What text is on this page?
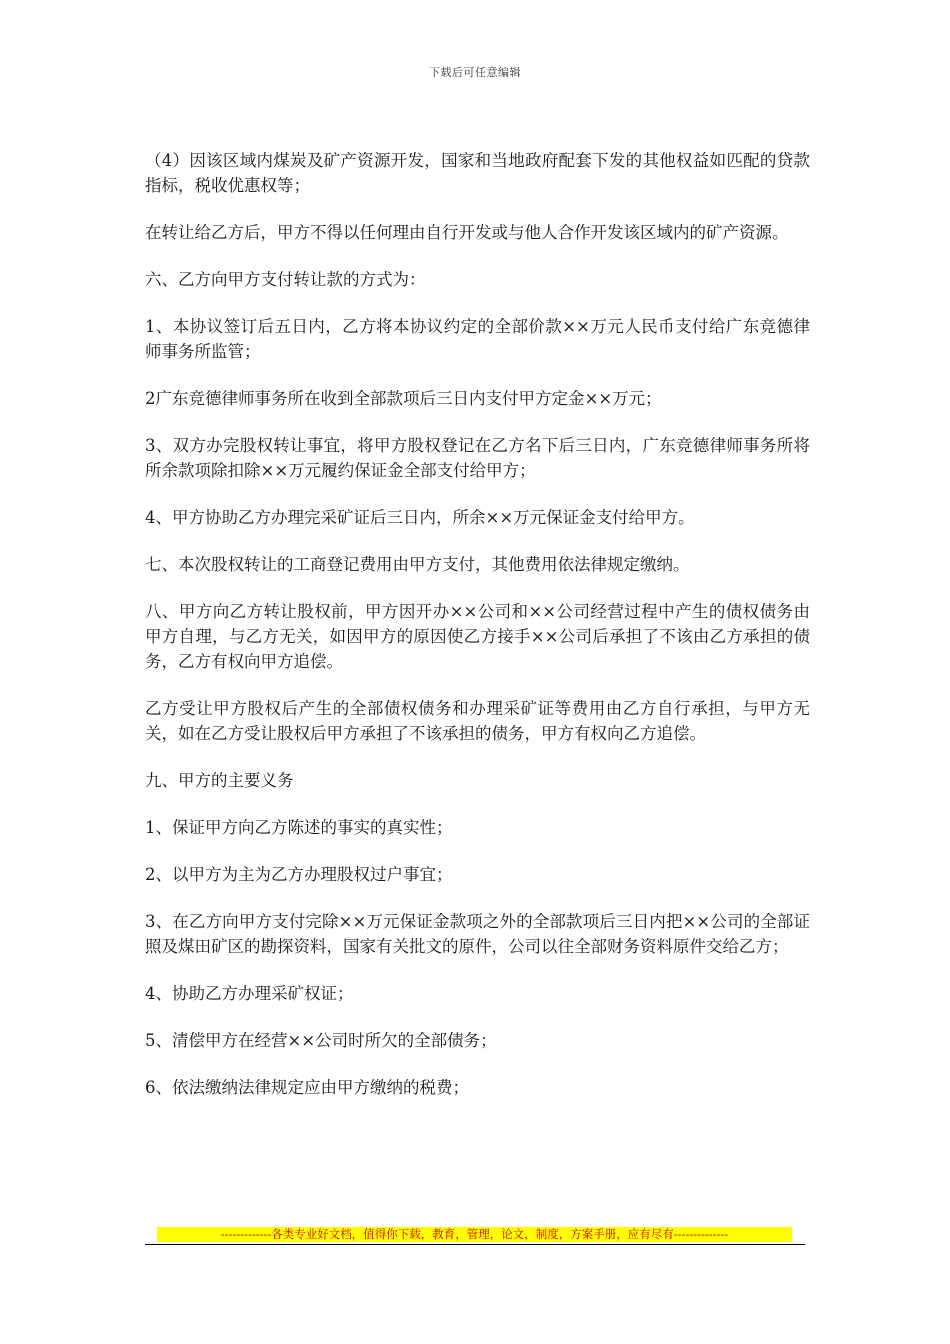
下载后可任意编辑

（4）因该区域内煤炭及矿产资源开发，国家和当地政府配套下发的其他权益如匹配的贷款指标，税收优惠权等；

在转让给乙方后，甲方不得以任何理由自行开发或与他人合作开发该区域内的矿产资源。

六、乙方向甲方支付转让款的方式为：

1、本协议签订后五日内，乙方将本协议约定的全部价款××万元人民币支付给广东竞德律师事务所监管；

2广东竞德律师事务所在收到全部款项后三日内支付甲方定金××万元；

3、双方办完股权转让事宜，将甲方股权登记在乙方名下后三日内，广东竞德律师事务所将所余款项除扣除××万元履约保证金全部支付给甲方；

4、甲方协助乙方办理完采矿证后三日内，所余××万元保证金支付给甲方。

七、本次股权转让的工商登记费用由甲方支付，其他费用依法律规定缴纳。

八、甲方向乙方转让股权前，甲方因开办××公司和××公司经营过程中产生的债权债务由甲方自理，与乙方无关，如因甲方的原因使乙方接手××公司后承担了不该由乙方承担的债务，乙方有权向甲方追偿。

乙方受让甲方股权后产生的全部债权债务和办理采矿证等费用由乙方自行承担，与甲方无关，如在乙方受让股权后甲方承担了不该承担的债务，甲方有权向乙方追偿。

九、甲方的主要义务

1、保证甲方向乙方陈述的事实的真实性；

2、以甲方为主为乙方办理股权过户事宜；

3、在乙方向甲方支付完除××万元保证金款项之外的全部款项后三日内把××公司的全部证照及煤田矿区的勘探资料，国家有关批文的原件，公司以往全部财务资料原件交给乙方；

4、协助乙方办理采矿权证；

5、清偿甲方在经营××公司时所欠的全部债务；

6、依法缴纳法律规定应由甲方缴纳的税费；

-------------各类专业好文档，值得你下载，教育，管理，论文，制度，方案手册，应有尽有--------------
